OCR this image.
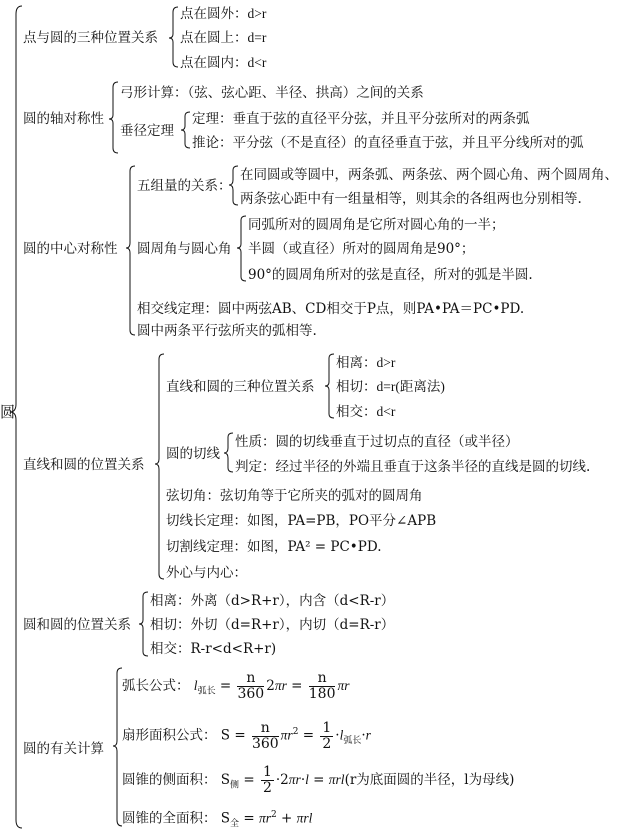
圆
点与圆的三种位置关系
点在圆外：d>r
点在圆上：d=r
点在圆内：d<r
圆的轴对称性
弓形计算：（弦、弦心距、半径、拱高）之间的关系
垂径定理
定理：垂直于弦的直径平分弦，并且平分弦所对的两条弧
推论：平分弦（不是直径）的直径垂直于弦，并且平分线所对的弧
圆的中心对称性
五组量的关系：
在同圆或等圆中，两条弧、两条弦、两个圆心角、两个圆周角、
两条弦心距中有一组量相等，则其余的各组两也分别相等.
圆周角与圆心角
同弧所对的圆周角是它所对圆心角的一半；
半圆（或直径）所对的圆周角是90°；
90°的圆周角所对的弦是直径，所对的弧是半圆.
相交线定理：圆中两弦AB、CD相交于P点，则PA•PA＝PC•PD.
圆中两条平行弦所夹的弧相等.
直线和圆的位置关系
直线和圆的三种位置关系
相离：d>r
相切：d=r(距离法)
相交：d<r
圆的切线
性质：圆的切线垂直于过切点的直径（或半径）
判定：经过半径的外端且垂直于这条半径的直线是圆的切线.
弦切角：弦切角等于它所夹的弧对的圆周角
切线长定理：如图，PA=PB，PO平分∠APB
切割线定理：如图，PA² = PC•PD.
外心与内心：
圆和圆的位置关系
相离：外离（d>R+r），内含（d<R-r）
相切：外切（d=R+r），内切（d=R-r）
相交：R-r<d<R+r)
圆的有关计算
弧长公式： $l_{弧长} = \frac{n}{360} 2\pi r = \frac{n}{180}$ πr
扇形面积公式： $S = \frac{n}{360} \pi r^2 = \frac{1}{2} \cdot l_{弧长}\cdot r$
圆锥的侧面积： $S_侧 = \frac{1}{2} \cdot 2\pi r\cdot l = \pi rl(r$为底面圆的半径，l为母线)
圆锥的全面积： $S_全 = \pi r^2 + \pi rl$
